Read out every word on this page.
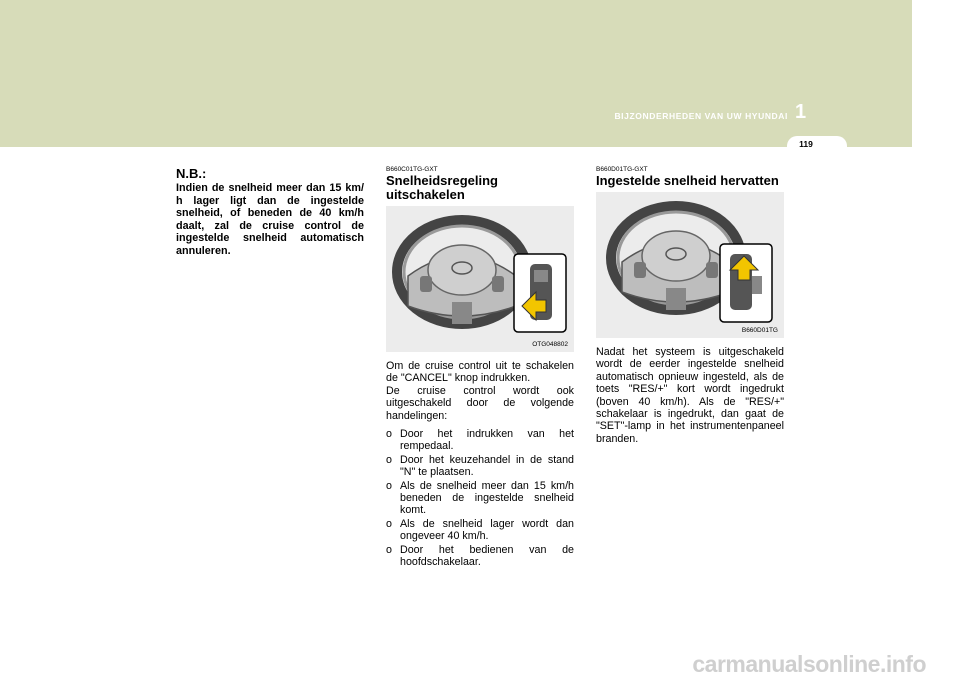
BIJZONDERHEDEN VAN UW HYUNDAI 1
119
N.B.:
Indien de snelheid meer dan 15 km/ h lager ligt dan de ingestelde snelheid, of beneden de 40 km/h daalt, zal de cruise control de ingestelde snelheid automatisch annuleren.
B660C01TG-GXT
Snelheidsregeling uitschakelen
OTG048802
Om de cruise control uit te schakelen de "CANCEL" knop indrukken.
De cruise control wordt ook uitgeschakeld door de volgende handelingen:
o Door het indrukken van het rempedaal.
o Door het keuzehandel in de stand "N" te plaatsen.
o Als de snelheid meer dan 15 km/h beneden de ingestelde snelheid komt.
o Als de snelheid lager wordt dan ongeveer 40 km/h.
o Door het bedienen van de hoofdschakelaar.
B660D01TG-GXT
Ingestelde snelheid hervatten
B660D01TG
Nadat het systeem is uitgeschakeld wordt de eerder ingestelde snelheid automatisch opnieuw ingesteld, als de toets "RES/+" kort wordt ingedrukt (boven 40 km/h). Als de "RES/+" schakelaar is ingedrukt, dan gaat de "SET"-lamp in het instrumentenpaneel branden.
carmanualsonline.info
